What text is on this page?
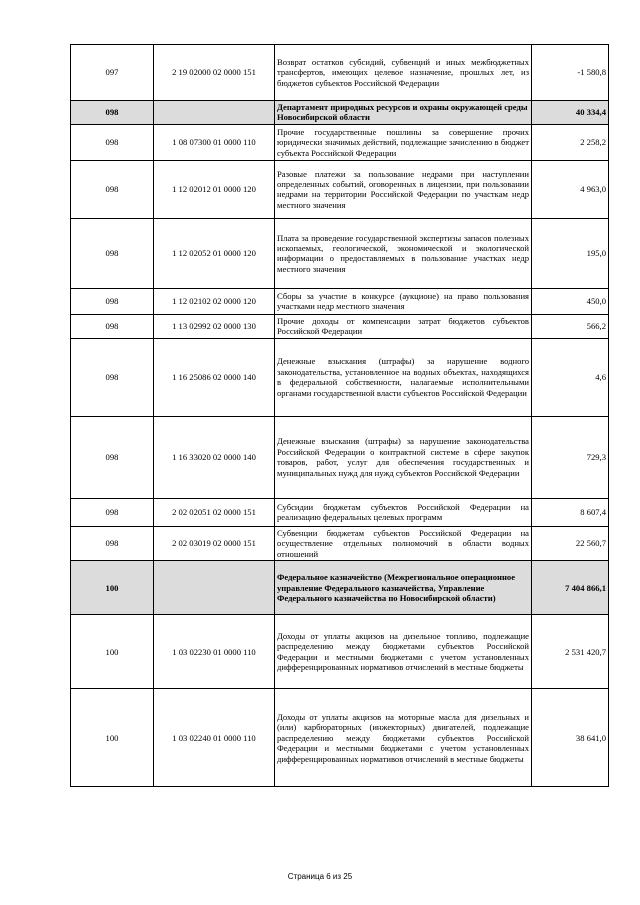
097	2 19 02000 02 0000 151	Возврат остатков субсидий, субвенций и иных межбюджетных трансфертов, имеющих целевое назначение, прошлых лет, из бюджетов субъектов Российской Федерации	-1 580,8
098		Департамент природных ресурсов и охраны окружающей среды Новосибирской области	40 334,4
098	1 08 07300 01 0000 110	Прочие государственные пошлины за совершение прочих юридически значимых действий, подлежащие зачислению в бюджет субъекта Российской Федерации	2 258,2
098	1 12 02012 01 0000 120	Разовые платежи за пользование недрами при наступлении определенных событий, оговоренных в лицензии, при пользовании недрами на территории Российской Федерации по участкам недр местного значения	4 963,0
098	1 12 02052 01 0000 120	Плата за проведение государственной экспертизы запасов полезных ископаемых, геологической, экономической и экологической информации о предоставляемых в пользование участках недр местного значения	195,0
098	1 12 02102 02 0000 120	Сборы за участие в конкурсе (аукционе) на право пользования участками недр местного значения	450,0
098	1 13 02992 02 0000 130	Прочие доходы от компенсации затрат бюджетов субъектов Российской Федерации	566,2
098	1 16 25086 02 0000 140	Денежные взыскания (штрафы) за нарушение водного законодательства, установленное на водных объектах, находящихся в федеральной собственности, налагаемые исполнительными органами государственной власти субъектов Российской Федерации	4,6
098	1 16 33020 02 0000 140	Денежные взыскания (штрафы) за нарушение законодательства Российской Федерации о контрактной системе в сфере закупок товаров, работ, услуг для обеспечения государственных и муниципальных нужд для нужд субъектов Российской Федерации	729,3
098	2 02 02051 02 0000 151	Субсидии бюджетам субъектов Российской Федерации на реализацию федеральных целевых программ	8 607,4
098	2 02 03019 02 0000 151	Субвенции бюджетам субъектов Российской Федерации на осуществление отдельных полномочий в области водных отношений	22 560,7
100		Федеральное казначейство (Межрегиональное операционное управление Федерального казначейства, Управление Федерального казначейства по Новосибирской области)	7 404 866,1
100	1 03 02230 01 0000 110	Доходы от уплаты акцизов на дизельное топливо, подлежащие распределению между бюджетами субъектов Российской Федерации и местными бюджетами с учетом установленных дифференцированных нормативов отчислений в местные бюджеты	2 531 420,7
100	1 03 02240 01 0000 110	Доходы от уплаты акцизов на моторные масла для дизельных и (или) карбюраторных (инжекторных) двигателей, подлежащие распределению между бюджетами субъектов Российской Федерации и местными бюджетами с учетом установленных дифференцированных нормативов отчислений в местные бюджеты	38 641,0
Страница 6 из 25
